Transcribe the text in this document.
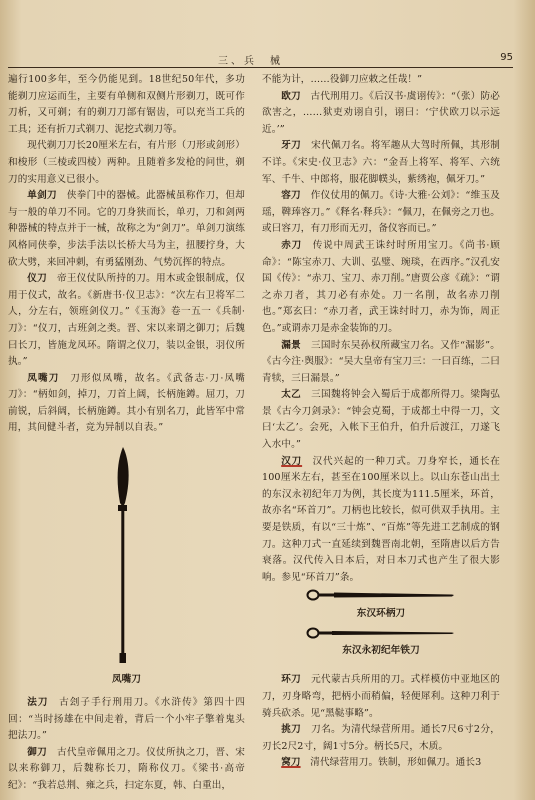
三、兵　械	95

遍行100多年，至今仍能见到。18世纪50年代，多功能剃刀应运而生，主要有单侧和双侧片形剃刀，既可作刀析，又可剃；有的剃刀刀部有锯齿，可以充当工兵的工具；还有折刀式剃刀、泥挖式剃刀等。

现代剃刀刀长20厘米左右，有片形（刀形或剑形）和梭形（三棱或四棱）两种。且随着多发枪的问世，剃刀的实用意义已很小。

单剑刀　 侠拳门中的器械。此器械虽称作刀，但却与一般的单刀不同。它的刀身狭而长，单刃，刀和剑两种器械的特点并于一械，故称之为“剑刀”。单剑刀演练风格同侠拳，步法手法以长桥大马为主，扭腰拧身，大砍大劈，来回冲刺，有勇猛刚劲、气势沉挥的特点。

仪刀　 帝王仪仗队所持的刀。用木或金银制成，仅用于仪式，故名。《新唐书·仪卫志》：“次左右卫将军二人，分左右，领班剑仪刀。”《玉海》卷一五一《兵制·刀》：“仪刀，古班剑之类。晋、宋以来谓之御刀；后魏曰长刀，皆施龙凤环。隋谓之仪刀，装以金银，羽仪所执。”

凤嘴刀　 刀形似凤嘴，故名。《武备志·刀·凤嘴刀》：“柄如剑，掉刀，刀首上阔，长柄施鐏。屈刀，刀前锐，后斜阔，长柄施鐏。其小有别名刀，此皆军中常用，其间健斗者，竞为异制以自表。”

凤嘴刀

法刀　 古刽子手行刑用刀。《水浒传》第四十四回：“当时扬雄在中间走着，背后一个小牢子擎着鬼头把法刀。”

御刀　 古代皇帝佩用之刀。仪仗所执之刀，晋、宋以来称御刀，后魏称长刀，隋称仪刀。《梁书·高帝纪》：“我若总荆、雍之兵，扫定东夏，韩、白重出，

不能为计，……役御刀应敕之任哉！”

欧刀　 古代刑用刀。《后汉书·虞诩传》：“（张）防必欲害之，……狱吏劝诩自引，诩曰：‘宁伏欧刀以示远近。’”

牙刀　 宋代佩刀名。将军趣从大驾时所佩，其形制不详。《宋史·仪卫志》六：“金吾上将军、将军、六统军、千牛、中郎将，服花脚幞头，紫绣袍，佩牙刀。”

容刀　 作仪仗用的佩刀。《诗·大雅·公刘》：“维玉及瑶，鞞琫容刀。”《释名·释兵》：“佩刀，在佩旁之刀也。或曰容刀，有刀形而无刃，备仪容而已。”

赤刀　 传说中周武王诛纣时所用宝刀。《尚书·顾命》：“陈宝赤刀、大训、弘璧、琬琰，在西序。”汉孔安国《传》：“赤刀、宝刀、赤刀削。”唐贾公彦《疏》：“谓之赤刀者，其刀必有赤处。刀一名削，故名赤刀削也。”郑玄曰：“赤刀者，武王诛纣时刀，赤为饰，周正色。”或谓赤刀是赤金装饰的刀。

漏景　 三国时东吴孙权所藏宝刀名。又作“漏影”。《古今注·舆服》：“吴大皇帝有宝刀三：一曰百练，二曰青犊，三曰漏景。”

太乙　 三国魏将钟会入蜀后于成都所得刀。梁陶弘景《古今刀剑录》：“钟会克蜀，于成都土中得一刀，文曰‘太乙’。会死，入帐下王伯升，伯升后渡江，刀遂飞入水中。”

汉刀　 汉代兴起的一种刀式。刀身窄长，通长在100厘米左右，甚至在100厘米以上。以山东苍山出土的东汉永初纪年刀为例，其长度为111.5厘米，环首，故亦名“环首刀”。刀柄也比较长，似可供双手执用。主要是铁质，有以“三十炼”、“百炼”等先进工艺制成的钢刀。这种刀式一直延续到魏晋南北朝，至隋唐以后方告衰落。汉代传入日本后，对日本刀式也产生了很大影响。参见“环首刀”条。

东汉环柄刀
东汉永初纪年铁刀

环刀　 元代蒙古兵所用的刀。式样模仿中亚地区的刀，刃身略弯，把柄小而稍偏，轻便犀利。这种刀利于骑兵砍杀。见“黑鞑事略”。

挑刀　 刀名。为清代绿营所用。通长7尺6寸2分，刃长2尺2寸，阔1寸5分。柄长5尺，木质。

窝刀　 清代绿营用刀。铁制，形如佩刀。通长3
